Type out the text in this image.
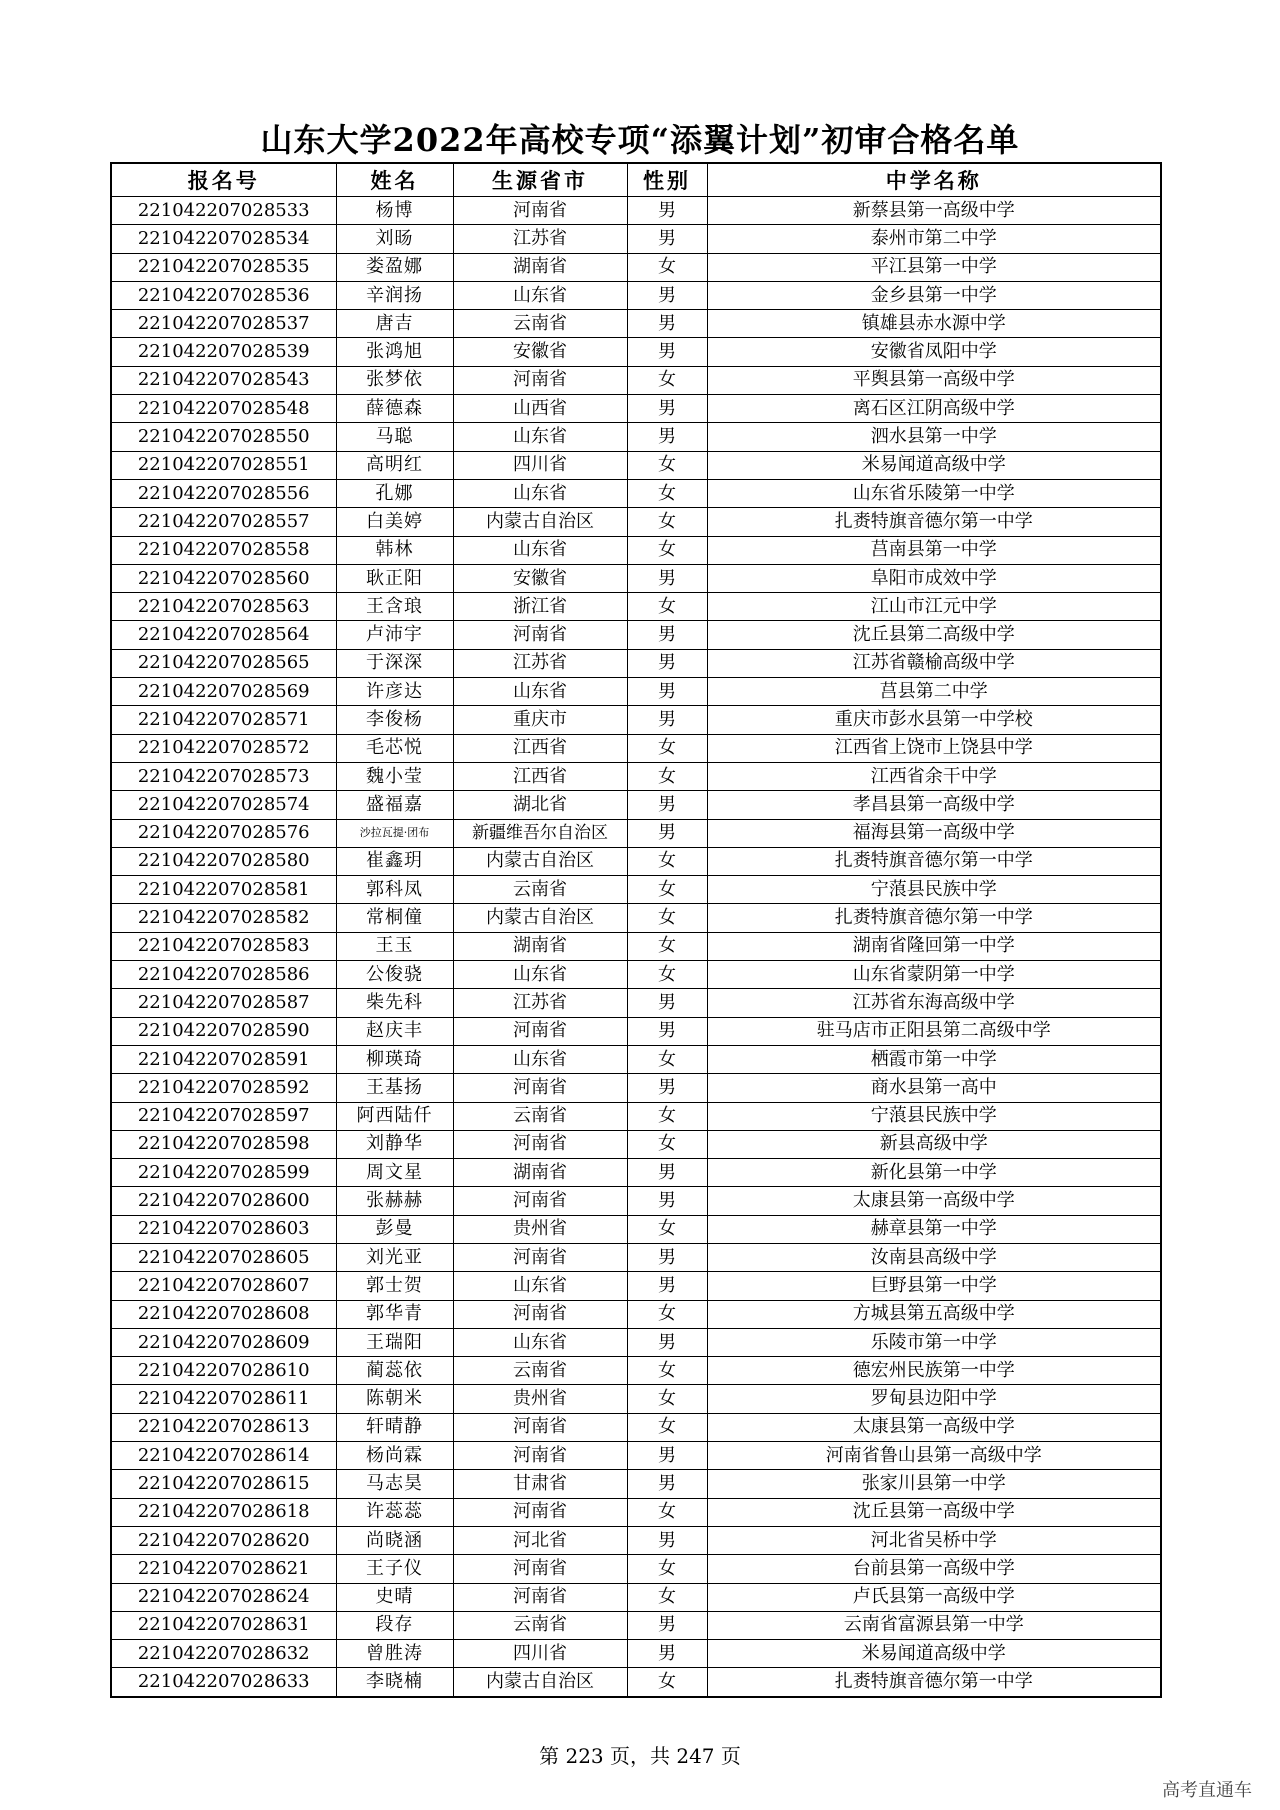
山东大学2022年高校专项“添翼计划”初审合格名单
报名号	姓名	生源省市	性别	中学名称
221042207028533	杨博	河南省	男	新蔡县第一高级中学
221042207028534	刘旸	江苏省	男	泰州市第二中学
221042207028535	娄盈娜	湖南省	女	平江县第一中学
221042207028536	辛润扬	山东省	男	金乡县第一中学
221042207028537	唐吉	云南省	男	镇雄县赤水源中学
221042207028539	张鸿旭	安徽省	男	安徽省凤阳中学
221042207028543	张梦依	河南省	女	平舆县第一高级中学
221042207028548	薛德森	山西省	男	离石区江阴高级中学
221042207028550	马聪	山东省	男	泗水县第一中学
221042207028551	高明红	四川省	女	米易闻道高级中学
221042207028556	孔娜	山东省	女	山东省乐陵第一中学
221042207028557	白美婷	内蒙古自治区	女	扎赉特旗音德尔第一中学
221042207028558	韩林	山东省	女	莒南县第一中学
221042207028560	耿正阳	安徽省	男	阜阳市成效中学
221042207028563	王含琅	浙江省	女	江山市江元中学
221042207028564	卢沛宇	河南省	男	沈丘县第二高级中学
221042207028565	于深深	江苏省	男	江苏省赣榆高级中学
221042207028569	许彦达	山东省	男	莒县第二中学
221042207028571	李俊杨	重庆市	男	重庆市彭水县第一中学校
221042207028572	毛芯悦	江西省	女	江西省上饶市上饶县中学
221042207028573	魏小莹	江西省	女	江西省余干中学
221042207028574	盛福嘉	湖北省	男	孝昌县第一高级中学
221042207028576	沙拉瓦提·团布	新疆维吾尔自治区	男	福海县第一高级中学
221042207028580	崔鑫玥	内蒙古自治区	女	扎赉特旗音德尔第一中学
221042207028581	郭科凤	云南省	女	宁蒗县民族中学
221042207028582	常桐僮	内蒙古自治区	女	扎赉特旗音德尔第一中学
221042207028583	王玉	湖南省	女	湖南省隆回第一中学
221042207028586	公俊骁	山东省	女	山东省蒙阴第一中学
221042207028587	柴先科	江苏省	男	江苏省东海高级中学
221042207028590	赵庆丰	河南省	男	驻马店市正阳县第二高级中学
221042207028591	柳瑛琦	山东省	女	栖霞市第一中学
221042207028592	王基扬	河南省	男	商水县第一高中
221042207028597	阿西陆仟	云南省	女	宁蒗县民族中学
221042207028598	刘静华	河南省	女	新县高级中学
221042207028599	周文星	湖南省	男	新化县第一中学
221042207028600	张赫赫	河南省	男	太康县第一高级中学
221042207028603	彭曼	贵州省	女	赫章县第一中学
221042207028605	刘光亚	河南省	男	汝南县高级中学
221042207028607	郭士贺	山东省	男	巨野县第一中学
221042207028608	郭华青	河南省	女	方城县第五高级中学
221042207028609	王瑞阳	山东省	男	乐陵市第一中学
221042207028610	蔺蕊依	云南省	女	德宏州民族第一中学
221042207028611	陈朝米	贵州省	女	罗甸县边阳中学
221042207028613	轩晴静	河南省	女	太康县第一高级中学
221042207028614	杨尚霖	河南省	男	河南省鲁山县第一高级中学
221042207028615	马志昊	甘肃省	男	张家川县第一中学
221042207028618	许蕊蕊	河南省	女	沈丘县第一高级中学
221042207028620	尚晓涵	河北省	男	河北省吴桥中学
221042207028621	王子仪	河南省	女	台前县第一高级中学
221042207028624	史晴	河南省	女	卢氏县第一高级中学
221042207028631	段存	云南省	男	云南省富源县第一中学
221042207028632	曾胜涛	四川省	男	米易闻道高级中学
221042207028633	李晓楠	内蒙古自治区	女	扎赉特旗音德尔第一中学
第 223 页，共 247 页
高考直通车
